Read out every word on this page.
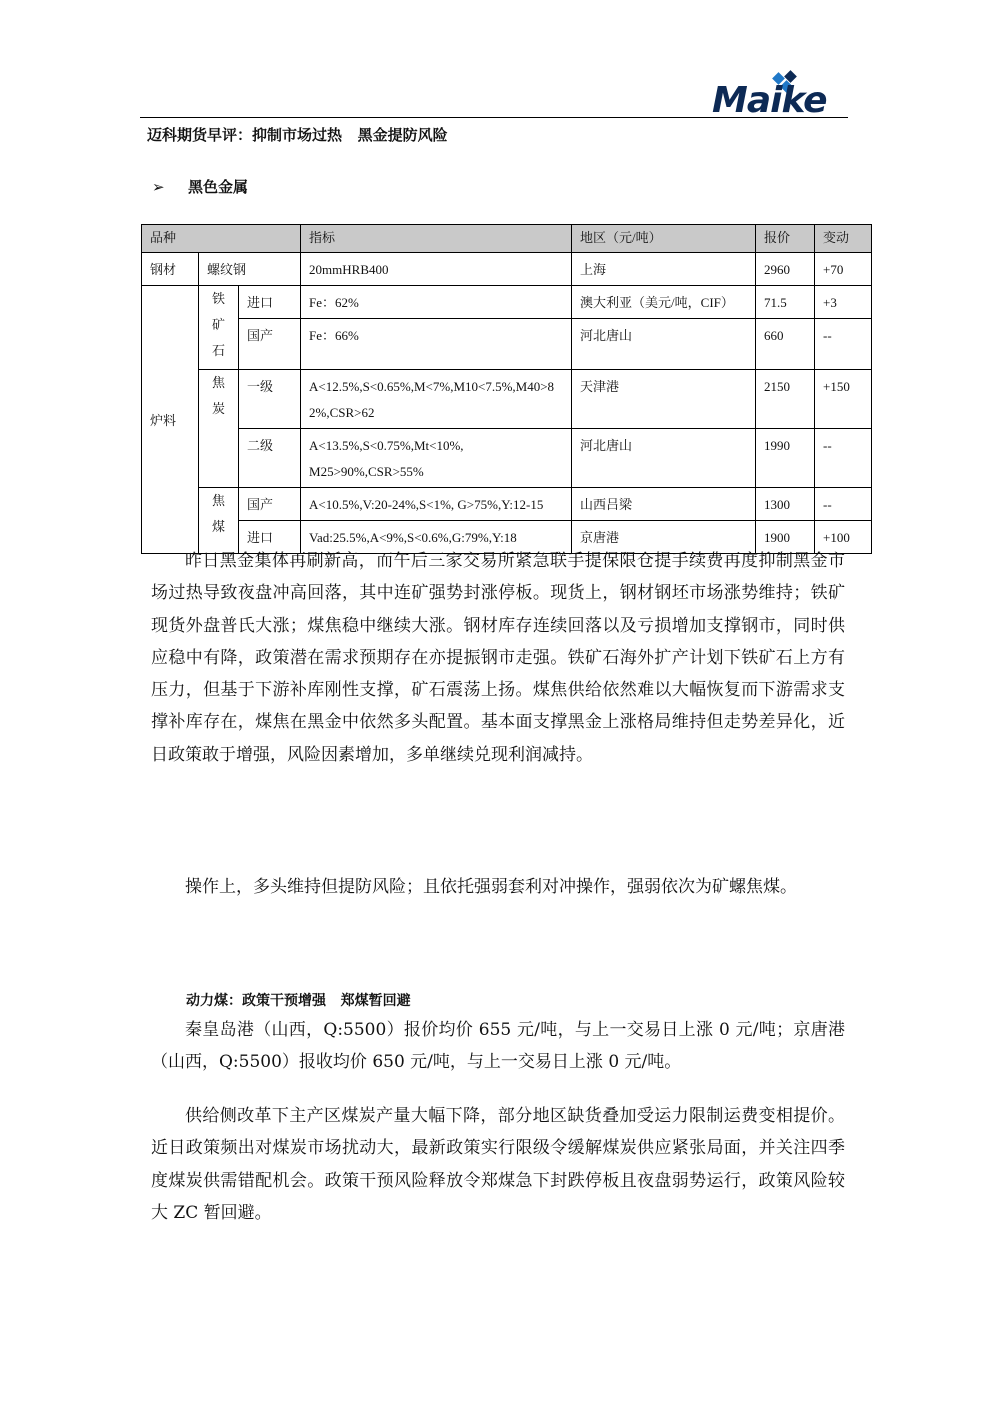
Maike
迈科期货早评：抑制市场过热   黑金提防风险
➢ 黑色金属
品种			指标	地区（元/吨）	报价	变动
钢材	螺纹钢		20mmHRB400	上海	2960	+70
炉料	铁矿石	进口	Fe：62%	澳大利亚（美元/吨，CIF）	71.5	+3
		国产	Fe：66%	河北唐山	660	--

	焦炭	一级	A<12.5%,S<0.65%,M<7%,M10<7.5%,M40>82%,CSR>62	天津港	2150	+150
		二级	A<13.5%,S<0.75%,Mt<10%, M25>90%,CSR>55%	河北唐山	1990	--

	焦煤	国产	A<10.5%,V:20-24%,S<1%, G>75%,Y:12-15	山西吕梁	1300	--
		进口	Vad:25.5%,A<9%,S<0.6%,G:79%,Y:18	京唐港	1900	+100
昨日黑金集体再刷新高，而午后三家交易所紧急联手提保限仓提手续费再度抑制黑金市场过热导致夜盘冲高回落，其中连矿强势封涨停板。现货上，钢材钢坯市场涨势维持；铁矿现货外盘普氏大涨；煤焦稳中继续大涨。钢材库存连续回落以及亏损增加支撑钢市，同时供应稳中有降，政策潜在需求预期存在亦提振钢市走强。铁矿石海外扩产计划下铁矿石上方有压力，但基于下游补库刚性支撑，矿石震荡上扬。煤焦供给依然难以大幅恢复而下游需求支撑补库存在，煤焦在黑金中依然多头配置。基本面支撑黑金上涨格局维持但走势差异化，近日政策敢于增强，风险因素增加，多单继续兑现利润减持。
操作上，多头维持但提防风险；且依托强弱套利对冲操作，强弱依次为矿螺焦煤。
动力煤：政策干预增强   郑煤暂回避
秦皇岛港（山西，Q:5500）报价均价 655 元/吨，与上一交易日上涨 0 元/吨；京唐港（山西，Q:5500）报收均价 650 元/吨，与上一交易日上涨 0 元/吨。
供给侧改革下主产区煤炭产量大幅下降，部分地区缺货叠加受运力限制运费变相提价。近日政策频出对煤炭市场扰动大，最新政策实行限级令缓解煤炭供应紧张局面，并关注四季度煤炭供需错配机会。政策干预风险释放令郑煤急下封跌停板且夜盘弱势运行，政策风险较大 ZC 暂回避。
